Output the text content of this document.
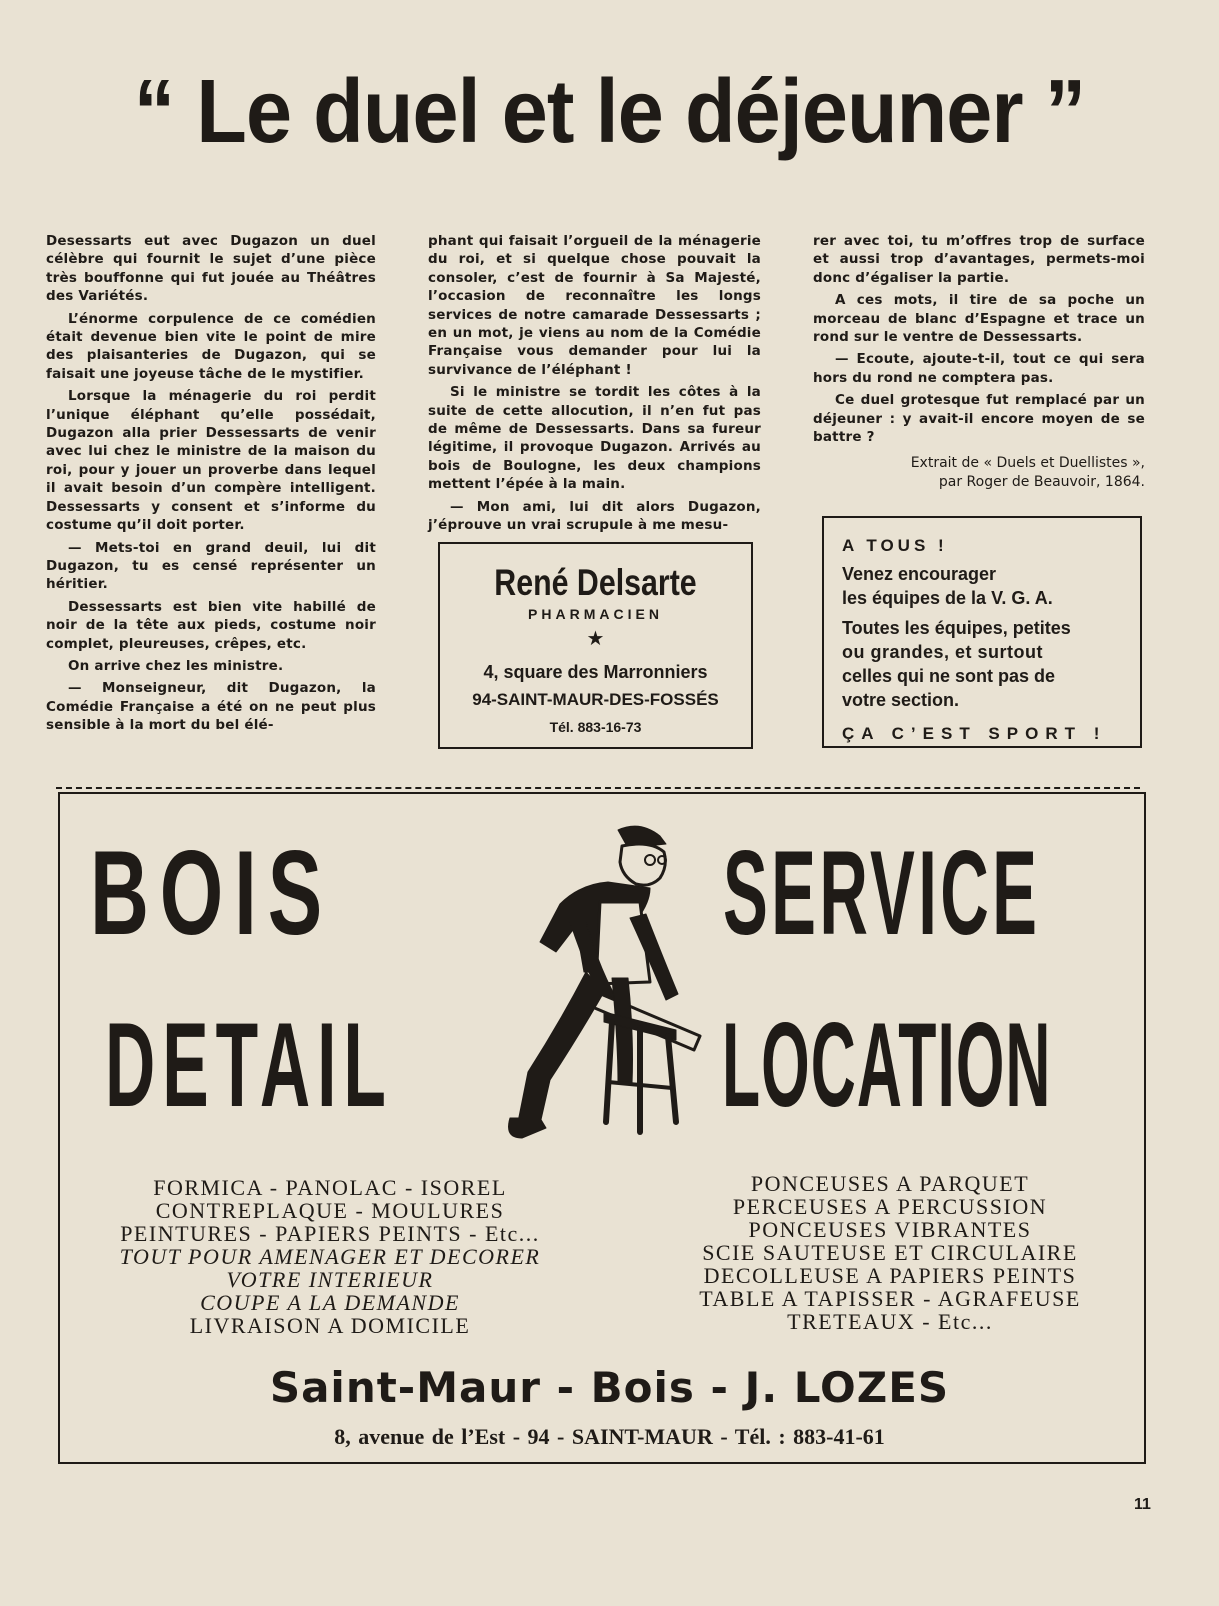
“ Le duel et le déjeuner ”

Desessarts eut avec Dugazon un duel célèbre qui fournit le sujet d’une pièce très bouffonne qui fut jouée au Théâtres des Variétés.

L’énorme corpulence de ce comédien était devenue bien vite le point de mire des plaisanteries de Dugazon, qui se faisait une joyeuse tâche de le mystifier.

Lorsque la ménagerie du roi perdit l’unique éléphant qu’elle possédait, Dugazon alla prier Dessessarts de venir avec lui chez le ministre de la maison du roi, pour y jouer un proverbe dans lequel il avait besoin d’un compère intelligent. Dessessarts y consent et s’informe du costume qu’il doit porter.

— Mets-toi en grand deuil, lui dit Dugazon, tu es censé représenter un héritier.

Dessessarts est bien vite habillé de noir de la tête aux pieds, costume noir complet, pleureuses, crêpes, etc.

On arrive chez les ministre.

— Monseigneur, dit Dugazon, la Comédie Française a été on ne peut plus sensible à la mort du bel élé-

phant qui faisait l’orgueil de la ménagerie du roi, et si quelque chose pouvait la consoler, c’est de fournir à Sa Majesté, l’occasion de reconnaître les longs services de notre camarade Dessessarts ; en un mot, je viens au nom de la Comédie Française vous demander pour lui la survivance de l’éléphant !

Si le ministre se tordit les côtes à la suite de cette allocution, il n’en fut pas de même de Dessessarts. Dans sa fureur légitime, il provoque Dugazon. Arrivés au bois de Boulogne, les deux champions mettent l’épée à la main.

— Mon ami, lui dit alors Dugazon, j’éprouve un vrai scrupule à me mesu-

rer avec toi, tu m’offres trop de surface et aussi trop d’avantages, permets-moi donc d’égaliser la partie.

A ces mots, il tire de sa poche un morceau de blanc d’Espagne et trace un rond sur le ventre de Dessessarts.

— Ecoute, ajoute-t-il, tout ce qui sera hors du rond ne comptera pas.

Ce duel grotesque fut remplacé par un déjeuner : y avait-il encore moyen de se battre ?

Extrait de « Duels et Duellistes »,
par Roger de Beauvoir, 1864.
René Delsarte
PHARMACIEN
★
4, square des Marronniers
94-SAINT-MAUR-DES-FOSSÉS
Tél. 883-16-73
A TOUS !
Venez encourager
les équipes de la V. G. A.
Toutes les équipes, petites
ou grandes, et surtout
celles qui ne sont pas de
votre section.
ÇA C’EST SPORT !
BOIS
DETAIL
SERVICE
LOCATION
FORMICA - PANOLAC - ISOREL
CONTREPLAQUE - MOULURES
PEINTURES - PAPIERS PEINTS - Etc...
TOUT POUR AMENAGER ET DECORER
VOTRE INTERIEUR
COUPE A LA DEMANDE
LIVRAISON A DOMICILE
PONCEUSES A PARQUET
PERCEUSES A PERCUSSION
PONCEUSES VIBRANTES
SCIE SAUTEUSE ET CIRCULAIRE
DECOLLEUSE A PAPIERS PEINTS
TABLE A TAPISSER - AGRAFEUSE
TRETEAUX - Etc...
Saint-Maur - Bois - J. LOZES
8, avenue de l’Est - 94 - SAINT-MAUR - Tél. : 883-41-61
11
